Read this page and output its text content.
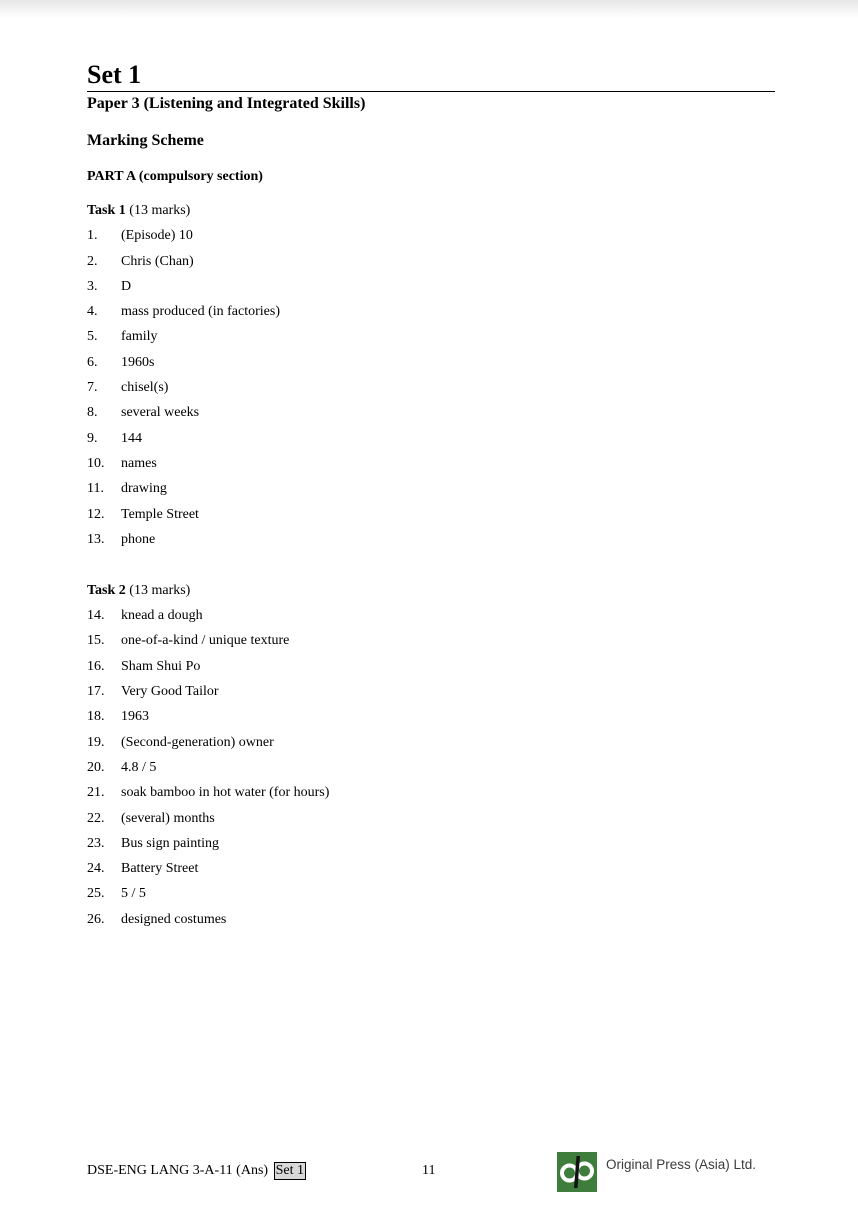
Set 1
Paper 3 (Listening and Integrated Skills)
Marking Scheme
PART A (compulsory section)
Task 1 (13 marks)
1.	(Episode) 10
2.	Chris (Chan)
3.	D
4.	mass produced (in factories)
5.	family
6.	1960s
7.	chisel(s)
8.	several weeks
9.	144
10.	names
11.	drawing
12.	Temple Street
13.	phone
Task 2 (13 marks)
14.	knead a dough
15.	one-of-a-kind / unique texture
16.	Sham Shui Po
17.	Very Good Tailor
18.	1963
19.	(Second-generation) owner
20.	4.8 / 5
21.	soak bamboo in hot water (for hours)
22.	(several) months
23.	Bus sign painting
24.	Battery Street
25.	5 / 5
26.	designed costumes
DSE-ENG LANG 3-A-11 (Ans) Set 1	11	Original Press (Asia) Ltd.
